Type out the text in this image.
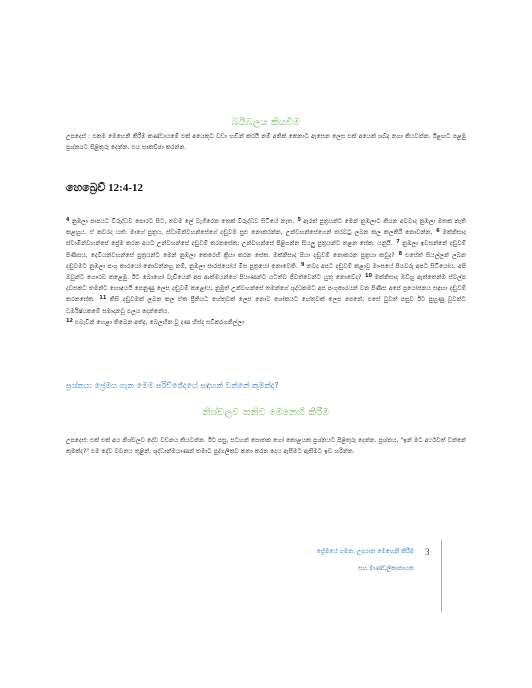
බයිබලය කියවීම
උපදෙස් : එකම මෙහෙනි කිරීම කණ්ඩායමේ එක් අයෙකුට වඩා හඬින් කරයි නම් අනික් කෙනාට ඇසෙන ලෙස එක් අයෙක් ශබ්ද නගා කියවන්න. ඊළඟට පළමු ප්‍රශ්නයට පිළිතුරු දෙන්න. එය සාකච්ඡා කරන්න.
හෙබ්‍රෙව් 12:4-12
$^4$ නුඹලා පාපයට විරුද්ධව පොරට සිට, තවම ලේ වැගිරෙන තෙක් විරුද්ධව සිටියේ නැත. $^5$ ඇරත් පුත්‍රයන්ට මෙන් නුඹලාට කියන අවවාද නුඹලා මතක නැති කළහුය. ඒ කවරද යත්: මාගේ පුත්‍රය, ස්වාමීන්වහන්සේගේ දඬුවම සුළු නොකරන්න, උන්වහන්සේගෙන් තරවටු ලබන කල කලකිරී නොවන්න, $^6$ මක්නිසාද ස්වාමීන්වහන්සේ ප්‍රේම කරන අයට උන්වහන්සේ දඬුවම් කරනසේක: උන්වහන්සේ පිළිගන්න සියලු පුත්‍රයන්ට තළන සේක. යනුයි. $^7$ නුඹලා ඉවසන්නේ දඬුවම් පිණිසය, දෙවියන්වහන්සේ පුත්‍රයන්ට මෙන් නුඹලා කෙරෙහි ක්‍රියා කරන සේක. මක්නිසාද පියා දඬුවම් නොකරන පුත්‍රයා කවුද? $^8$ එසේත් සියල්ලන් ලබන දඬුවමට නුඹලා පංගු කාරයෝ නොවන්නහු නම්, නුඹලා ජාරජයෝය් මිස පුත්‍රයෝ නොවෙති. $^9$ තවද අපට දඬුවම් කළාවූ මාංසයේ පියවරු අපට සිටියෝය, අපි ඔවුන්ට ගෞරව කළෙමු. ඊට බොහෝ වැඩියෙන් අප ආත්මයන්ගේ පියාණන්ට යටත්ව ජීවත්වෙන්ට යුතු නොවේද? $^{10}$ මක්නිසාද ඔව්හු ඇත්තෙන්ම ස්වල්ප දවසකට තමන්ට හොඳයයි පෙනුණු ලෙස දඬුවම් කළෝය; නුමුත් උන්වහන්සේ තමන්ගේ ශුද්ධකමට අප පංගුකාරයන් වන පිණිස අපේ ප්‍රයෝජනය සඳහා දඬුවම් කරනසේක. $^{11}$ කිසි දඬුවමක් ලබන කල ඒක ප්‍රීතියට හේතුවක් ලෙස නොව ශෝකයට හේතුවක් ලෙස පෙනේ; එසේ වුවත් පසුව ඊට පුහුණු වූවන්ට ධර්මිෂ්ඨකමේ සමාදානවූ ඵලය දෙන්නේය.
$^{12}$ එබැවින් හෙළා තිබෙන අත්ද, බෙලහීන වූ දණ හිස්ද සවිකරගනිල්ලා
ප්‍රශ්නය: ප්‍රේමය ගැන මෙම පරිච්ඡේදයේ සඳහන් වන්නේ කුමක්ද?
නිශ්චලව තනිව මෙනෙහි කිරීම
උපදෙස්: එක් එක් අය නිශ්චලව දේව වචනය කියවන්න. ඊට පසු, සටහන් පොතක හෝ කොළයක ප්‍රශ්නයට පිළිතුරු දෙන්න. ප්‍රශ්නය, "ඉන් මට අර්ථවත් වන්නේ කුමක්ද?" එම දේව වචනය තුළින්, ශුද්ධාත්මයාණන් තමාට පුද්ගලිකව කතා කරන දෙය ඇසීමට ඇසීමට ඉඩ හරින්න.
ප්‍රේමයේ ගමන: උදයාන මෙහෙනි කිරීම
සහ මාණ්ඩලිකානායක
3
